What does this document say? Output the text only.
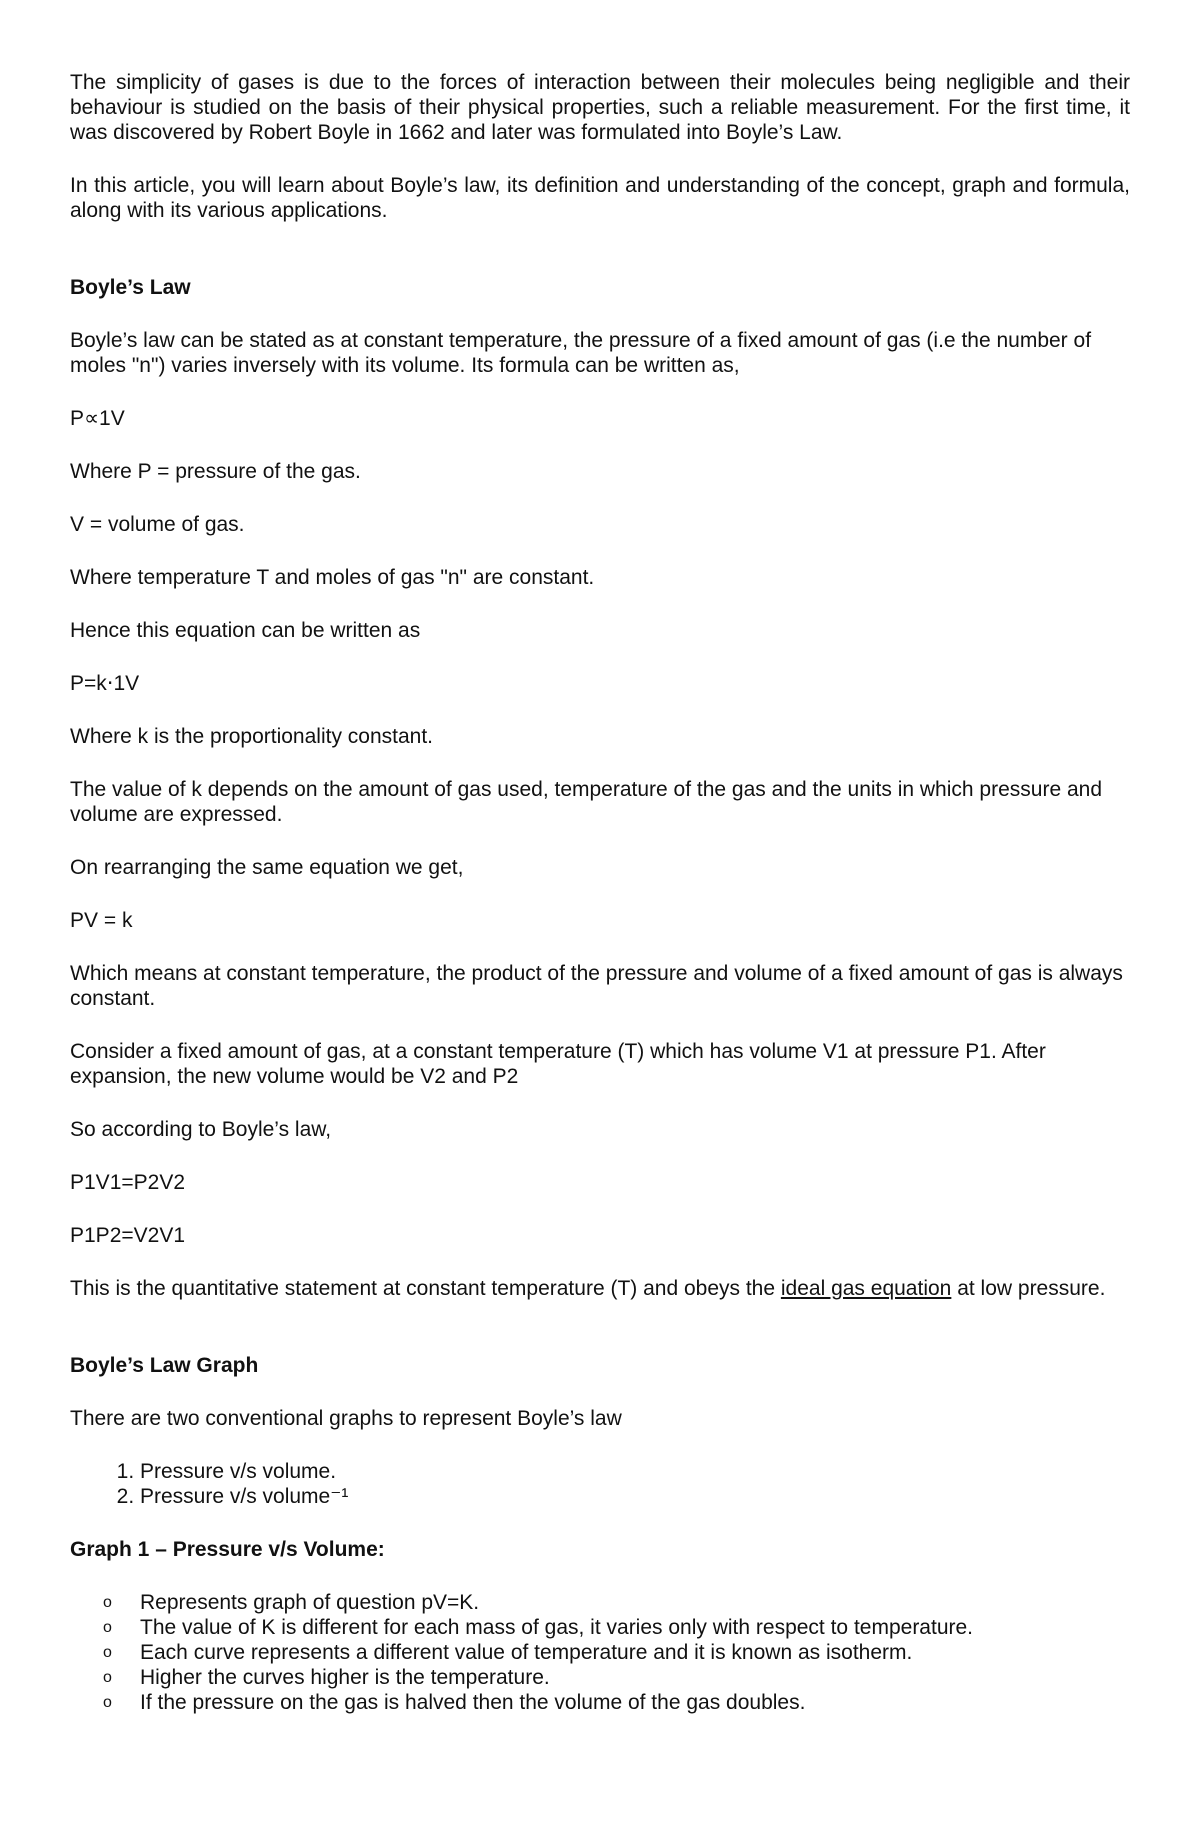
The simplicity of gases is due to the forces of interaction between their molecules being negligible and their behaviour is studied on the basis of their physical properties, such a reliable measurement. For the first time, it was discovered by Robert Boyle in 1662 and later was formulated into Boyle’s Law.

In this article, you will learn about Boyle’s law, its definition and understanding of the concept, graph and formula, along with its various applications.

Boyle’s Law

Boyle’s law can be stated as at constant temperature, the pressure of a fixed amount of gas (i.e the number of moles "n") varies inversely with its volume. Its formula can be written as,

P∝1V

Where P = pressure of the gas.

V = volume of gas.

Where temperature T and moles of gas "n" are constant.

Hence this equation can be written as

P=k⋅1V

Where k is the proportionality constant.

The value of k depends on the amount of gas used, temperature of the gas and the units in which pressure and volume are expressed.

On rearranging the same equation we get,

PV = k

Which means at constant temperature, the product of the pressure and volume of a fixed amount of gas is always constant.

Consider a fixed amount of gas, at a constant temperature (T) which has volume V1 at pressure P1. After expansion, the new volume would be V2 and P2

So according to Boyle’s law,

P1V1=P2V2

P1P2=V2V1

This is the quantitative statement at constant temperature (T) and obeys the ideal gas equation at low pressure.

Boyle’s Law Graph

There are two conventional graphs to represent Boyle’s law

1. Pressure v/s volume.
2. Pressure v/s volume⁻¹
Graph 1 – Pressure v/s Volume:
o Represents graph of question pV=K.
o The value of K is different for each mass of gas, it varies only with respect to temperature.
o Each curve represents a different value of temperature and it is known as isotherm.
o Higher the curves higher is the temperature.
o If the pressure on the gas is halved then the volume of the gas doubles.
